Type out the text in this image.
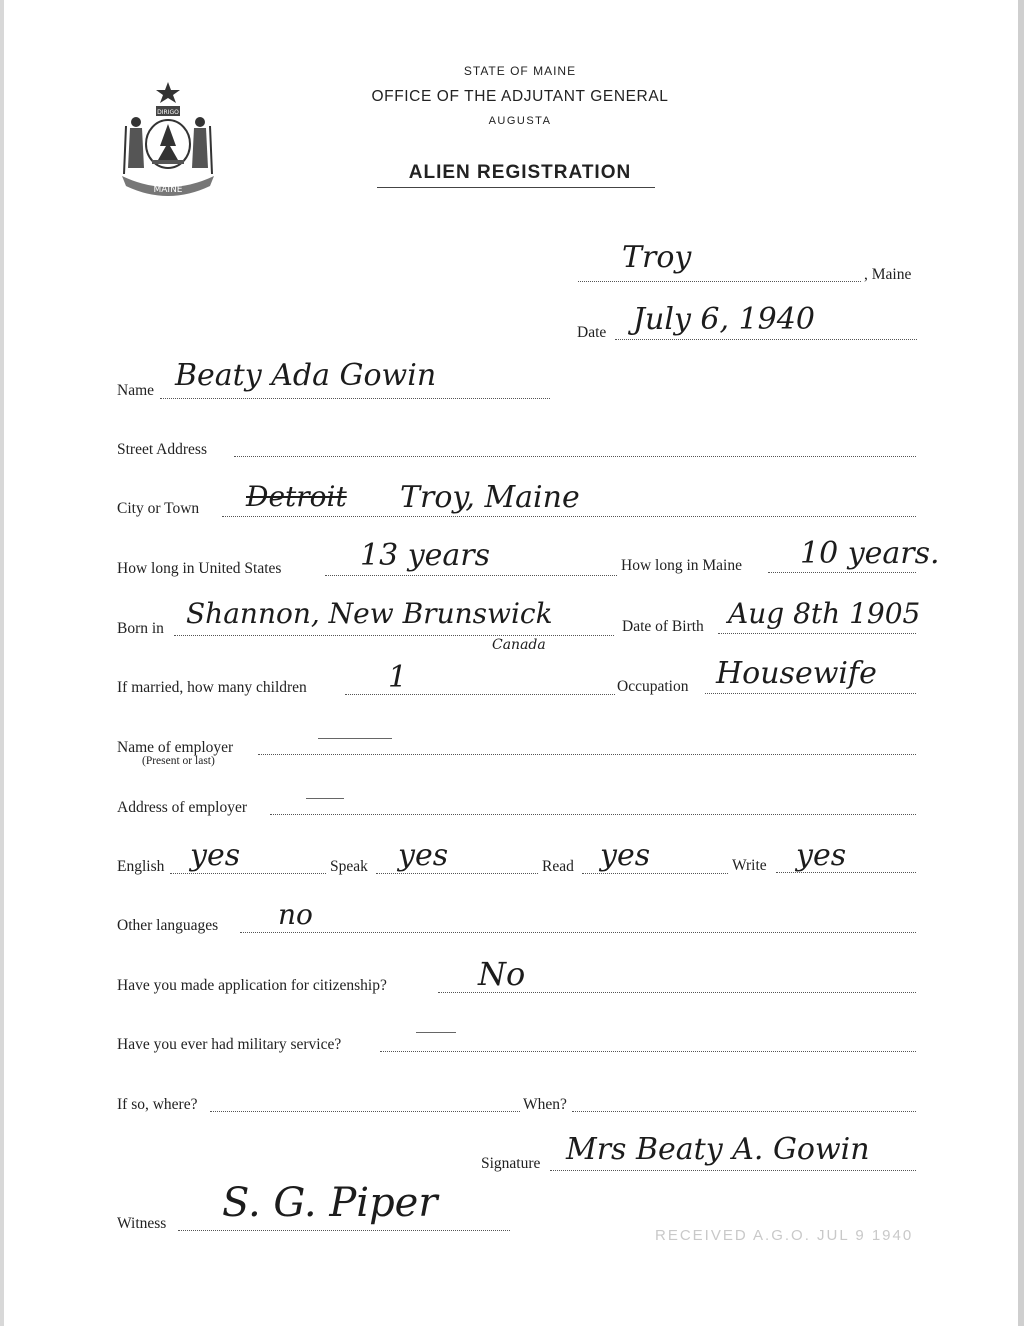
DIRIGO
MAINE
STATE OF MAINE
OFFICE OF THE ADJUTANT GENERAL
AUGUSTA
ALIEN REGISTRATION
Troy	, Maine
Date July 6, 1940
Name Beaty Ada Gowin
Street Address
City or Town Detroit Troy, Maine
How long in United States	13 years	How long in Maine 10 years.
Born in Shannon, New Brunswick
Canada
Date of Birth Aug 8th 1905
If married, how many children	1	Occupation Housewife
Name of employer
(Present or last)
Address of employer
English yes	Speak yes	Read yes	Write yes
Other languages no
Have you made application for citizenship?	No
Have you ever had military service?
If so, where?	When?
Signature Mrs Beaty A. Gowin
Witness S. G. Piper
RECEIVED A.G.O. JUL 9 1940
